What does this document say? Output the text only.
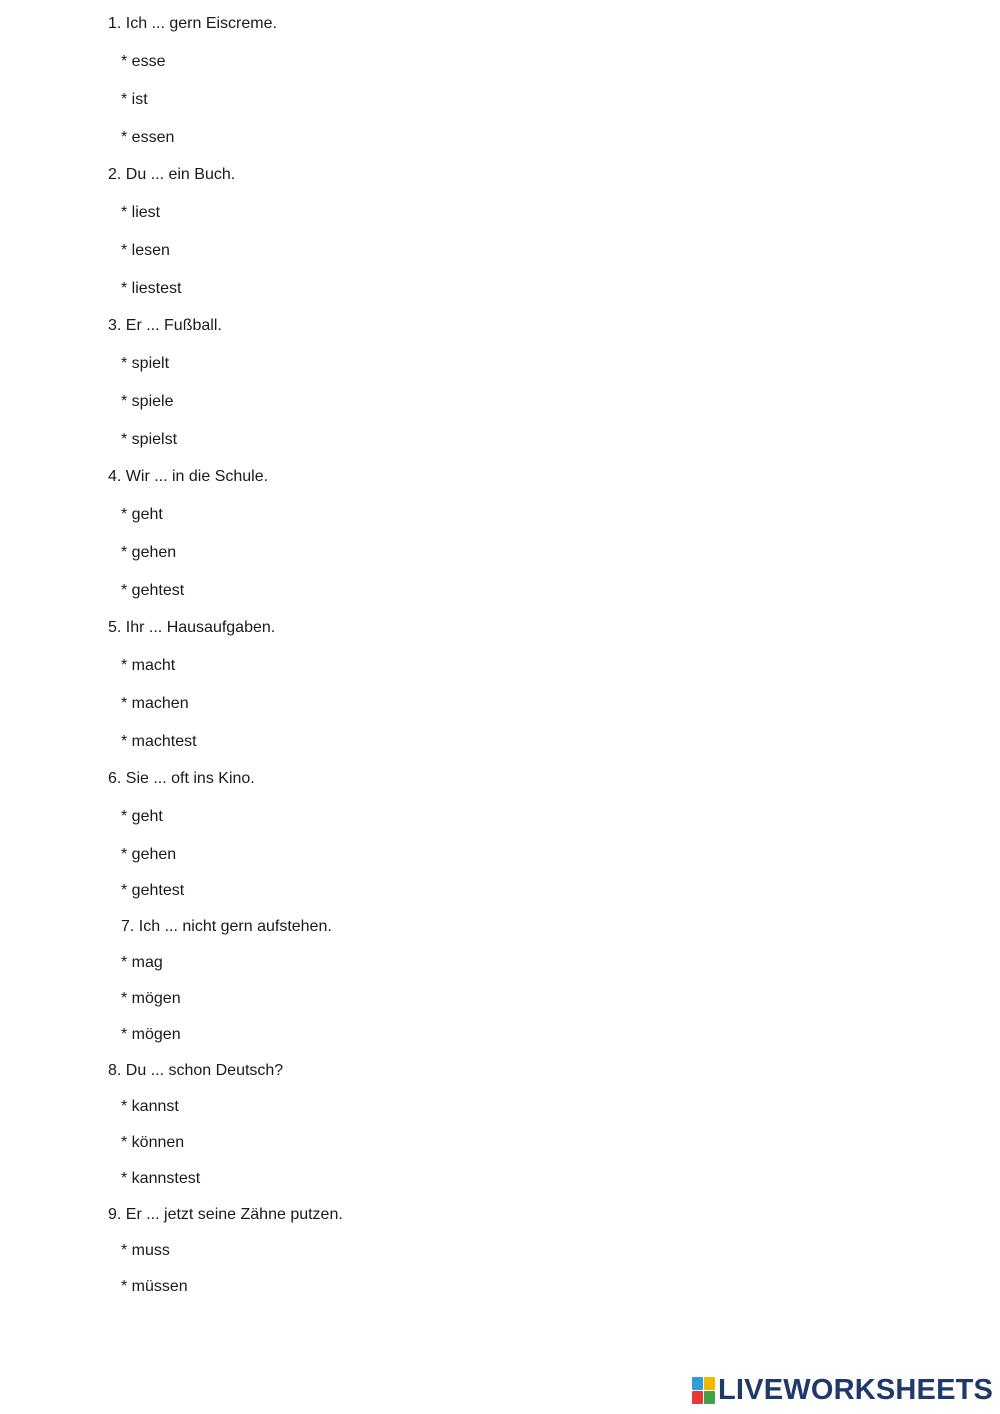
1. Ich ... gern Eiscreme.
* esse
* ist
* essen
2. Du ... ein Buch.
* liest
* lesen
* liestest
3. Er ... Fußball.
* spielt
* spiele
* spielst
4. Wir ... in die Schule.
* geht
* gehen
* gehtest
5. Ihr ... Hausaufgaben.
* macht
* machen
* machtest
6. Sie ... oft ins Kino.
* geht
* gehen
* gehtest
7. Ich ... nicht gern aufstehen.
* mag
* mögen
* mögen
8. Du ... schon Deutsch?
* kannst
* können
* kannstest
9. Er ... jetzt seine Zähne putzen.
* muss
* müssen
LIVEWORKSHEETS
